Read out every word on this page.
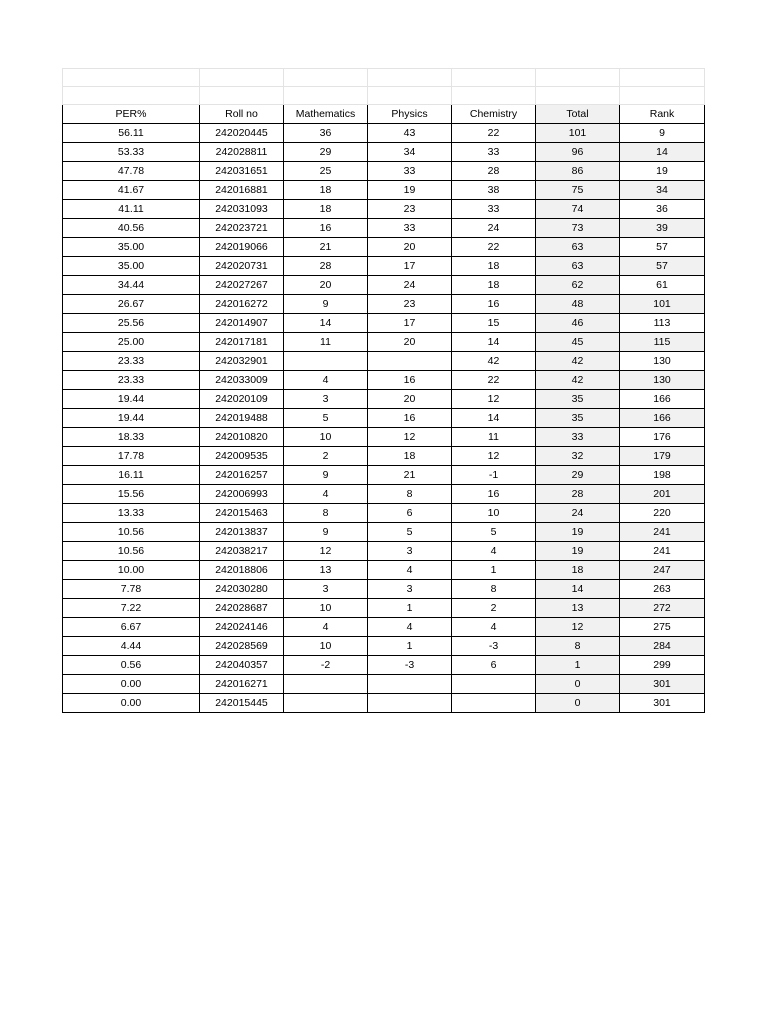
PER%	Roll no	Mathematics	Physics	Chemistry	Total	Rank
56.11	242020445	36	43	22	101	9
53.33	242028811	29	34	33	96	14
47.78	242031651	25	33	28	86	19
41.67	242016881	18	19	38	75	34
41.11	242031093	18	23	33	74	36
40.56	242023721	16	33	24	73	39
35.00	242019066	21	20	22	63	57
35.00	242020731	28	17	18	63	57
34.44	242027267	20	24	18	62	61
26.67	242016272	9	23	16	48	101
25.56	242014907	14	17	15	46	113
25.00	242017181	11	20	14	45	115
23.33	242032901			42	42	130
23.33	242033009	4	16	22	42	130
19.44	242020109	3	20	12	35	166
19.44	242019488	5	16	14	35	166
18.33	242010820	10	12	11	33	176
17.78	242009535	2	18	12	32	179
16.11	242016257	9	21	-1	29	198
15.56	242006993	4	8	16	28	201
13.33	242015463	8	6	10	24	220
10.56	242013837	9	5	5	19	241
10.56	242038217	12	3	4	19	241
10.00	242018806	13	4	1	18	247
7.78	242030280	3	3	8	14	263
7.22	242028687	10	1	2	13	272
6.67	242024146	4	4	4	12	275
4.44	242028569	10	1	-3	8	284
0.56	242040357	-2	-3	6	1	299
0.00	242016271				0	301
0.00	242015445				0	301
